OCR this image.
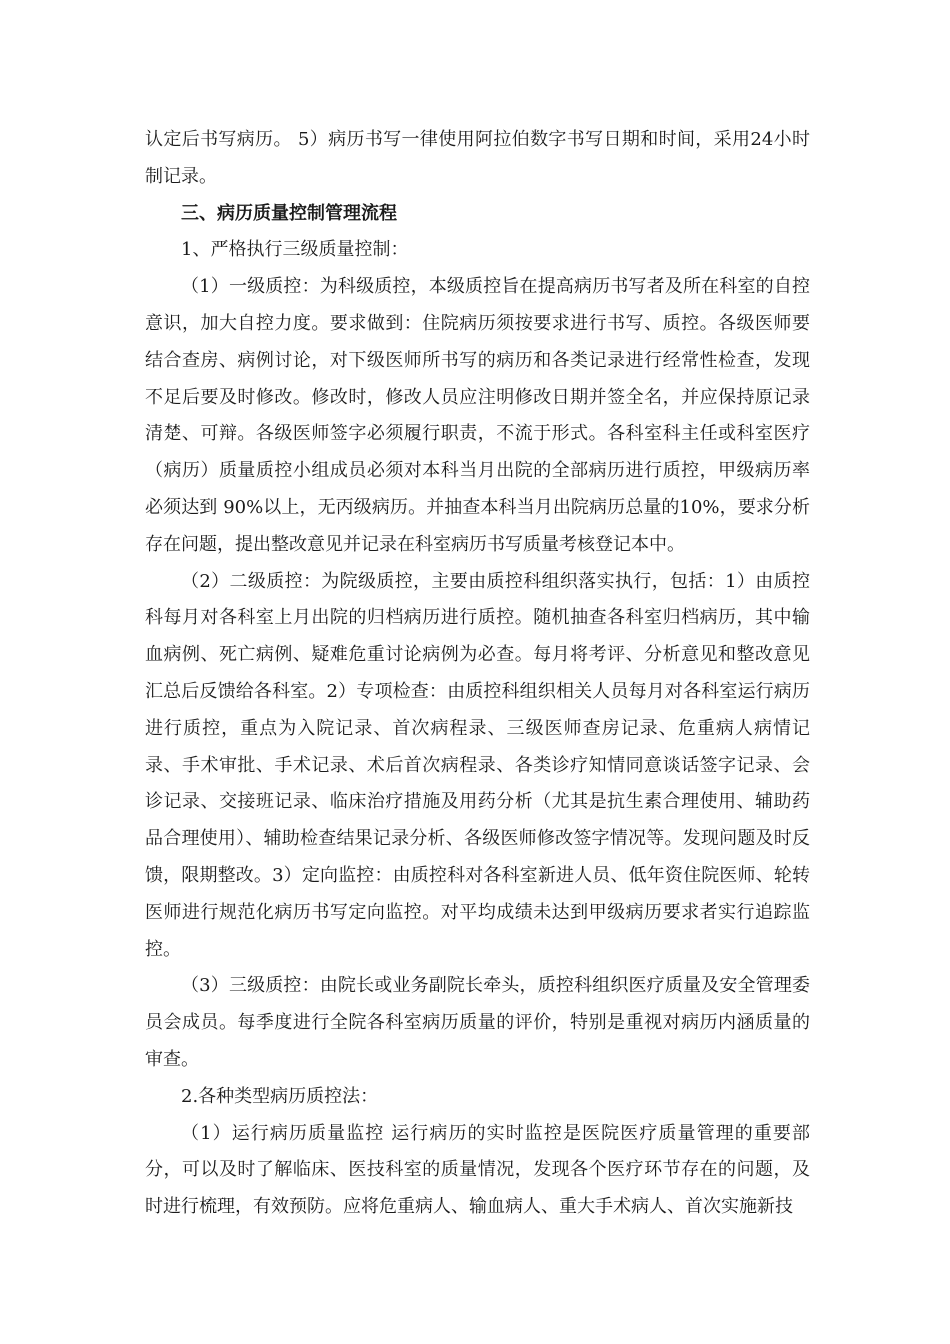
认定后书写病历。 5）病历书写一律使用阿拉伯数字书写日期和时间，采用24小时制记录。

三、病历质量控制管理流程

1、严格执行三级质量控制：

（1）一级质控：为科级质控，本级质控旨在提高病历书写者及所在科室的自控意识，加大自控力度。要求做到：住院病历须按要求进行书写、质控。各级医师要结合查房、病例讨论，对下级医师所书写的病历和各类记录进行经常性检查，发现不足后要及时修改。修改时，修改人员应注明修改日期并签全名，并应保持原记录清楚、可辩。各级医师签字必须履行职责，不流于形式。各科室科主任或科室医疗（病历）质量质控小组成员必须对本科当月出院的全部病历进行质控，甲级病历率必须达到 90%以上，无丙级病历。并抽查本科当月出院病历总量的10%，要求分析存在问题，提出整改意见并记录在科室病历书写质量考核登记本中。

（2）二级质控：为院级质控，主要由质控科组织落实执行，包括：1）由质控科每月对各科室上月出院的归档病历进行质控。随机抽查各科室归档病历，其中输血病例、死亡病例、疑难危重讨论病例为必查。每月将考评、分析意见和整改意见汇总后反馈给各科室。2）专项检查：由质控科组织相关人员每月对各科室运行病历进行质控，重点为入院记录、首次病程录、三级医师查房记录、危重病人病情记录、手术审批、手术记录、术后首次病程录、各类诊疗知情同意谈话签字记录、会诊记录、交接班记录、临床治疗措施及用药分析（尤其是抗生素合理使用、辅助药品合理使用）、辅助检查结果记录分析、各级医师修改签字情况等。发现问题及时反馈，限期整改。3）定向监控：由质控科对各科室新进人员、低年资住院医师、轮转医师进行规范化病历书写定向监控。对平均成绩未达到甲级病历要求者实行追踪监控。

（3）三级质控：由院长或业务副院长牵头，质控科组织医疗质量及安全管理委员会成员。每季度进行全院各科室病历质量的评价，特别是重视对病历内涵质量的审查。

2.各种类型病历质控法：

（1）运行病历质量监控 运行病历的实时监控是医院医疗质量管理的重要部分，可以及时了解临床、医技科室的质量情况，发现各个医疗环节存在的问题，及时进行梳理，有效预防。应将危重病人、输血病人、重大手术病人、首次实施新技
